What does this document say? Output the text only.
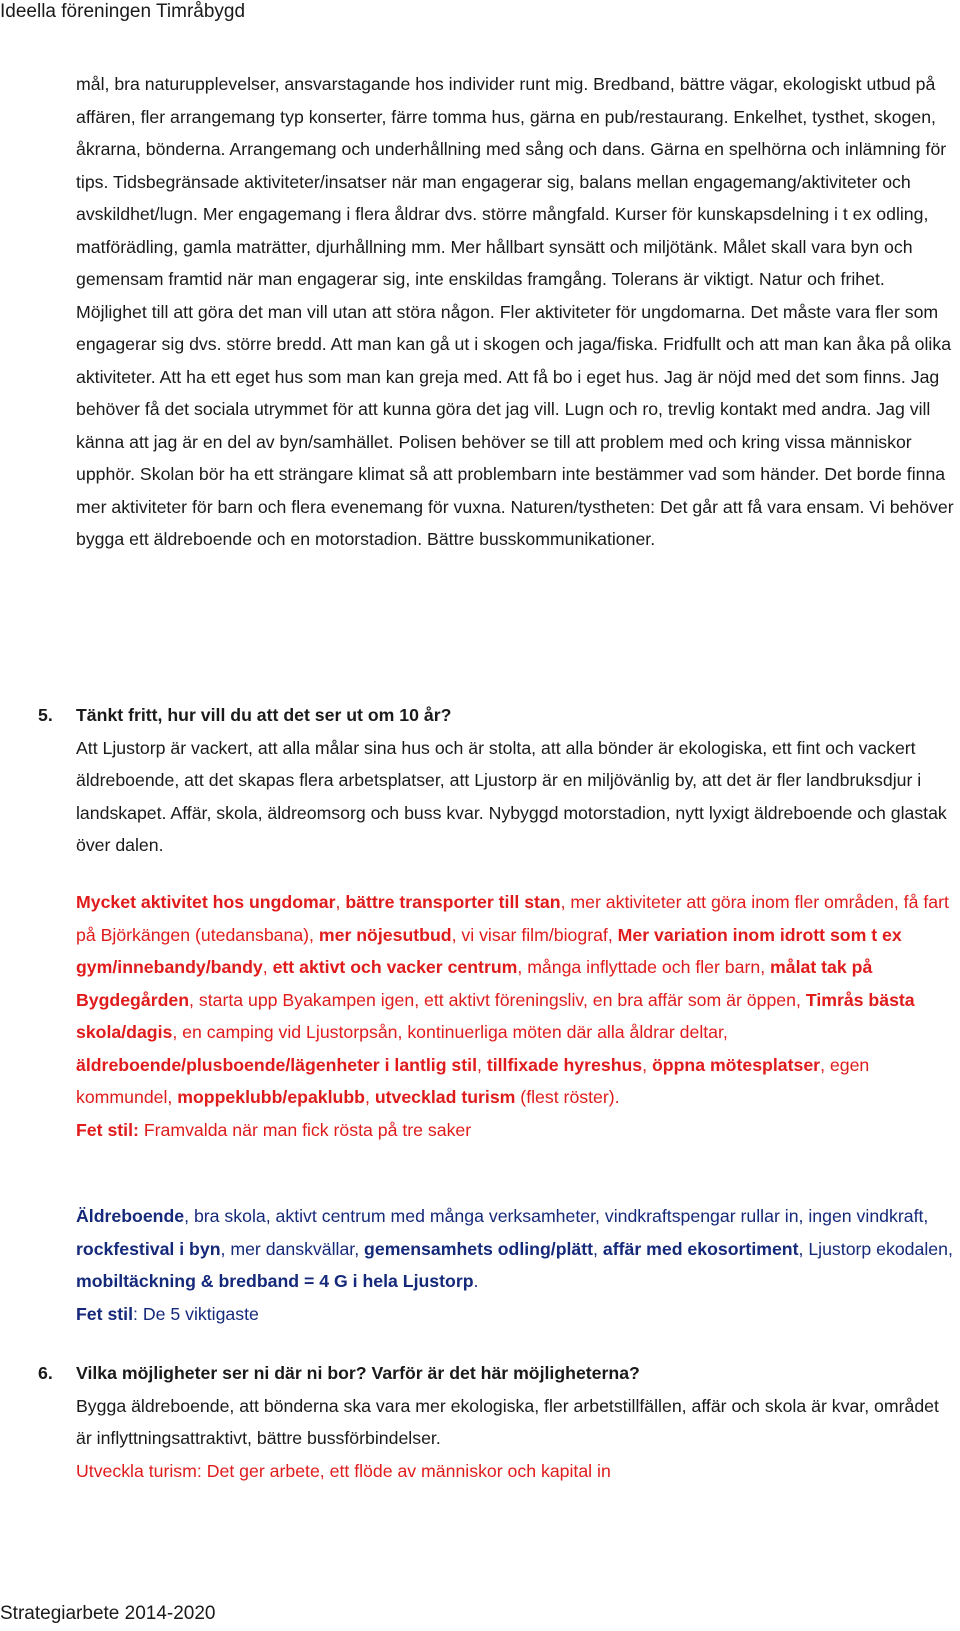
Ideella föreningen Timråbygd

mål, bra naturupplevelser, ansvarstagande hos individer runt mig. Bredband, bättre vägar, ekologiskt utbud på affären, fler arrangemang typ konserter, färre tomma hus, gärna en pub/restaurang. Enkelhet, tysthet, skogen, åkrarna, bönderna. Arrangemang och underhållning med sång och dans. Gärna en spelhörna och inlämning för tips. Tidsbegränsade aktiviteter/insatser när man engagerar sig, balans mellan engagemang/aktiviteter och avskildhet/lugn. Mer engagemang i flera åldrar dvs. större mångfald. Kurser för kunskapsdelning i t ex odling, matförädling, gamla maträtter, djurhållning mm. Mer hållbart synsätt och miljötänk. Målet skall vara byn och gemensam framtid när man engagerar sig, inte enskildas framgång. Tolerans är viktigt. Natur och frihet. Möjlighet till att göra det man vill utan att störa någon. Fler aktiviteter för ungdomarna. Det måste vara fler som engagerar sig dvs. större bredd. Att man kan gå ut i skogen och jaga/fiska. Fridfullt och att man kan åka på olika aktiviteter. Att ha ett eget hus som man kan greja med. Att få bo i eget hus. Jag är nöjd med det som finns. Jag behöver få det sociala utrymmet för att kunna göra det jag vill. Lugn och ro, trevlig kontakt med andra. Jag vill känna att jag är en del av byn/samhället. Polisen behöver se till att problem med och kring vissa människor upphör. Skolan bör ha ett strängare klimat så att problembarn inte bestämmer vad som händer. Det borde finna mer aktiviteter för barn och flera evenemang för vuxna. Naturen/tystheten: Det går att få vara ensam. Vi behöver bygga ett äldreboende och en motorstadion. Bättre busskommunikationer.

5. Tänkt fritt, hur vill du att det ser ut om 10 år?
Att Ljustorp är vackert, att alla målar sina hus och är stolta, att alla bönder är ekologiska, ett fint och vackert äldreboende, att det skapas flera arbetsplatser, att Ljustorp är en miljövänlig by, att det är fler landbruksdjur i landskapet. Affär, skola, äldreomsorg och buss kvar. Nybyggd motorstadion, nytt lyxigt äldreboende och glastak över dalen.
Mycket aktivitet hos ungdomar, bättre transporter till stan, mer aktiviteter att göra inom fler områden, få fart på Björkängen (utedansbana), mer nöjesutbud, vi visar film/biograf, Mer variation inom idrott som t ex gym/innebandy/bandy, ett aktivt och vacker centrum, många inflyttade och fler barn, målat tak på Bygdegården, starta upp Byakampen igen, ett aktivt föreningsliv, en bra affär som är öppen, Timrås bästa skola/dagis, en camping vid Ljustorpsån, kontinuerliga möten där alla åldrar deltar, äldreboende/plusboende/lägenheter i lantlig stil, tillfixade hyreshus, öppna mötesplatser, egen kommundel, moppeklubb/epaklubb, utvecklad turism (flest röster).
Fet stil: Framvalda när man fick rösta på tre saker
Äldreboende, bra skola, aktivt centrum med många verksamheter, vindkraftspengar rullar in, ingen vindkraft, rockfestival i byn, mer danskvällar, gemensamhets odling/plätt, affär med ekosortiment, Ljustorp ekodalen, mobiltäckning & bredband = 4 G i hela Ljustorp.
Fet stil: De 5 viktigaste
6. Vilka möjligheter ser ni där ni bor? Varför är det här möjligheterna?
Bygga äldreboende, att bönderna ska vara mer ekologiska, fler arbetstillfällen, affär och skola är kvar, området är inflyttningsattraktivt, bättre bussförbindelser.
Utveckla turism: Det ger arbete, ett flöde av människor och kapital in
Strategiarbete 2014-2020
